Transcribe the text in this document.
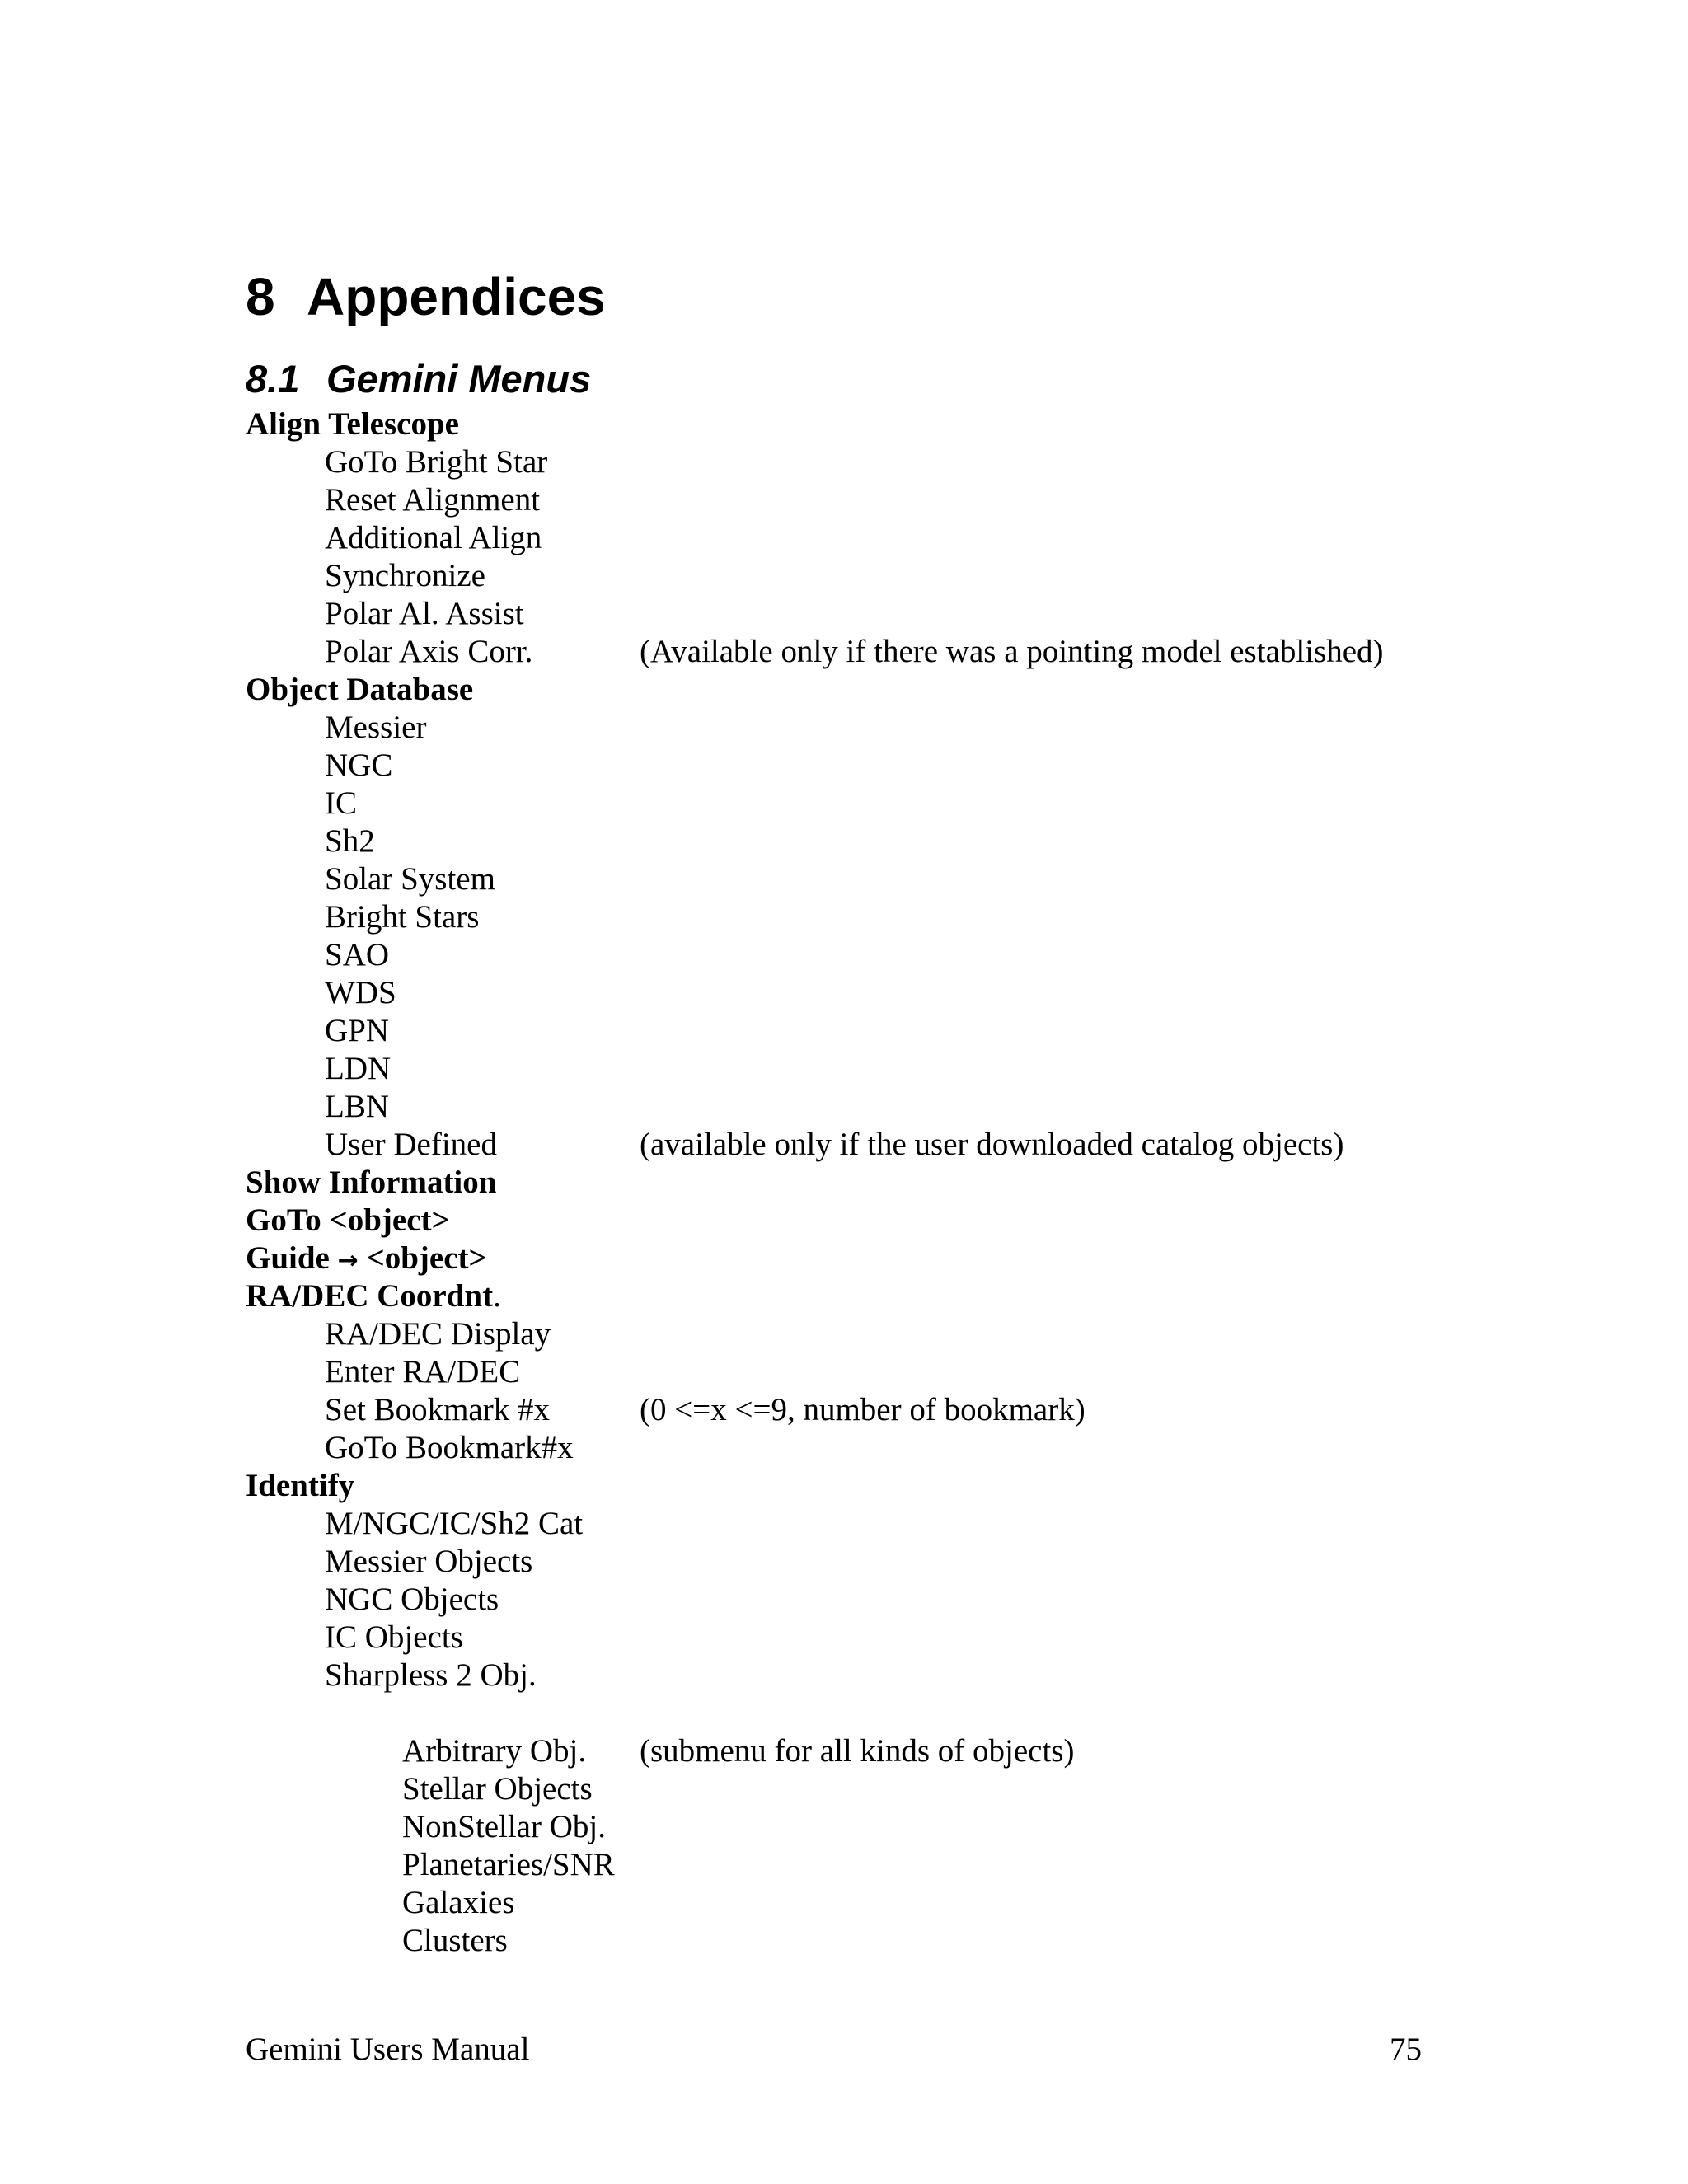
8 Appendices
8.1 Gemini Menus
Align Telescope
GoTo Bright Star
Reset Alignment
Additional Align
Synchronize
Polar Al. Assist
Polar Axis Corr.	(Available only if there was a pointing model established)
Object Database
Messier
NGC
IC
Sh2
Solar System
Bright Stars
SAO
WDS
GPN
LDN
LBN
User Defined	(available only if the user downloaded catalog objects)
Show Information
GoTo <object>
Guide → <object>
RA/DEC Coordnt.
RA/DEC Display
Enter RA/DEC
Set Bookmark #x	(0 <=x <=9, number of bookmark)
GoTo Bookmark#x
Identify
M/NGC/IC/Sh2 Cat
Messier Objects
NGC Objects
IC Objects
Sharpless 2 Obj.
Arbitrary Obj. (submenu for all kinds of objects)
Stellar Objects
NonStellar Obj.
Planetaries/SNR
Galaxies
Clusters
Gemini Users Manual	75
